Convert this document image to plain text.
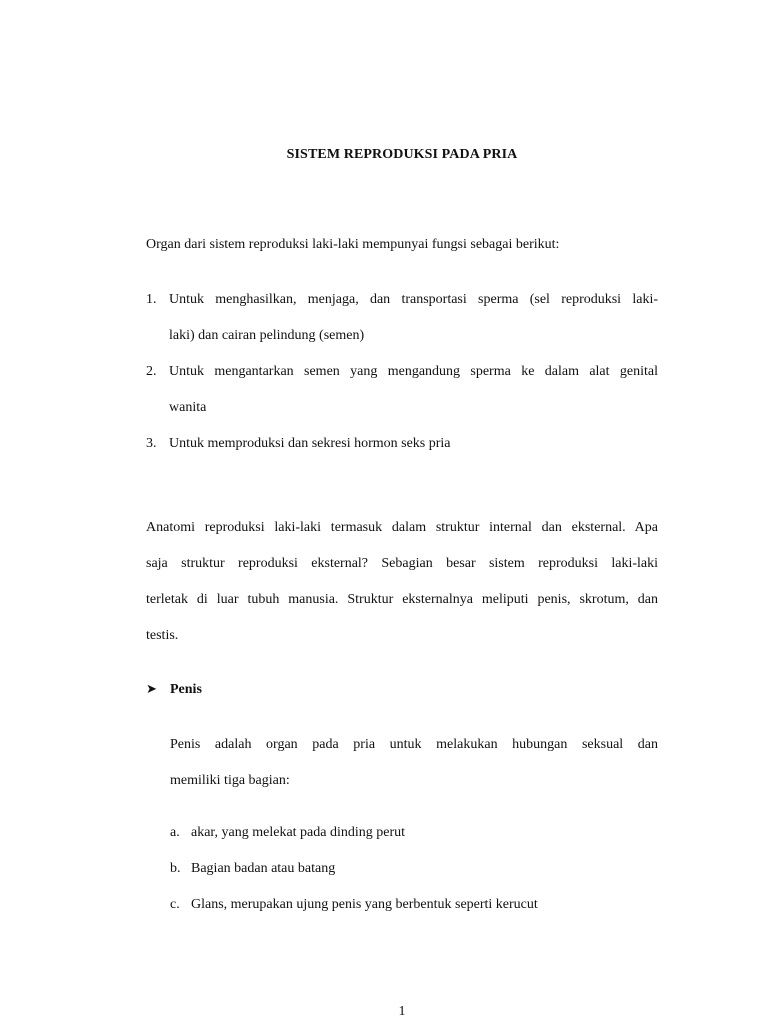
SISTEM REPRODUKSI PADA PRIA
Organ dari sistem reproduksi laki-laki mempunyai fungsi sebagai berikut:
1. Untuk menghasilkan, menjaga, dan transportasi sperma (sel reproduksi laki-
laki) dan cairan pelindung (semen)
2. Untuk mengantarkan semen yang mengandung sperma ke dalam alat genital
wanita
3. Untuk memproduksi dan sekresi hormon seks pria
Anatomi reproduksi laki-laki termasuk dalam struktur internal dan eksternal. Apa
saja struktur reproduksi eksternal? Sebagian besar sistem reproduksi laki-laki
terletak di luar tubuh manusia. Struktur eksternalnya meliputi penis, skrotum, dan
testis.
➤ Penis
Penis adalah organ pada pria untuk melakukan hubungan seksual dan
memiliki tiga bagian:
a. akar, yang melekat pada dinding perut
b. Bagian badan atau batang
c. Glans, merupakan ujung penis yang berbentuk seperti kerucut
1
